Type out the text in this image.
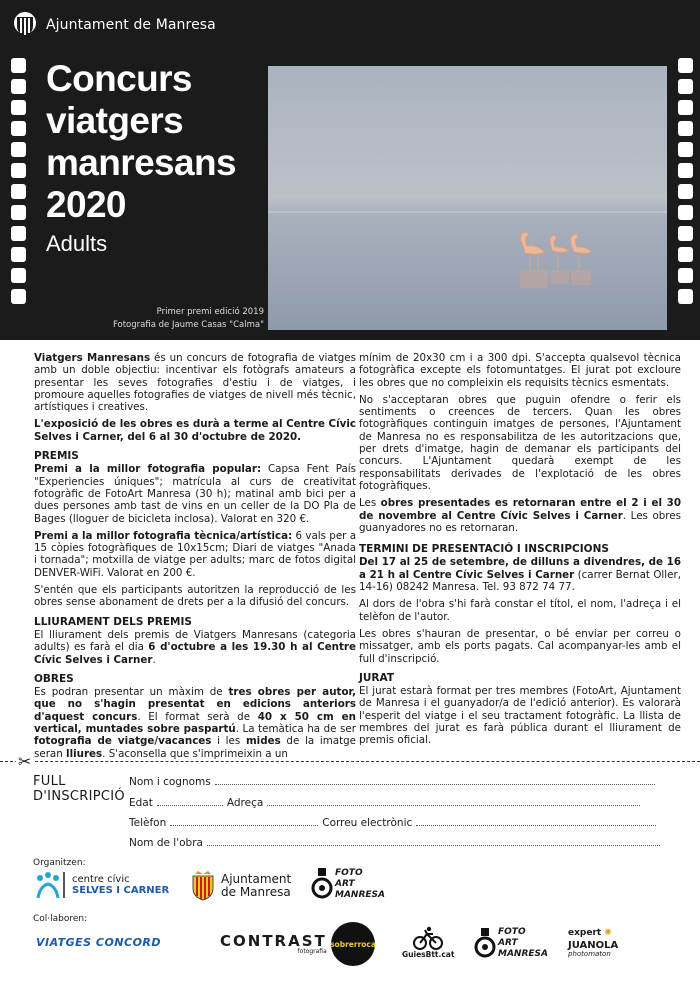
Ajuntament de Manresa
Concurs
viatgers
manresans
2020
Adults
Primer premi edició 2019
Fotografia de Jaume Casas "Calma"

Viatgers Manresans és un concurs de fotografia de viatges amb un doble objectiu: incentivar els fotògrafs amateurs a presentar les seves fotografies d'estiu i de viatges, i promoure aquelles fotografies de viatges de nivell més tècnic, artístiques i creatives.

L'exposició de les obres es durà a terme al Centre Cívic Selves i Carner, del 6 al 30 d'octubre de 2020.

PREMIS

Premi a la millor fotografia popular: Capsa Fent País "Experiencies úniques"; matrícula al curs de creativitat fotogràfic de FotoArt Manresa (30 h); matinal amb bici per a dues persones amb tast de vins en un celler de la DO Pla de Bages (lloguer de bicicleta inclosa). Valorat en 320 €.

Premi a la millor fotografia tècnica/artística: 6 vals per a 15 còpies fotogràfiques de 10x15cm; Diari de viatges "Anada i tornada"; motxilla de viatge per adults; marc de fotos digital DENVER-WiFi. Valorat en 200 €.

S'entén que els participants autoritzen la reproducció de les obres sense abonament de drets per a la difusió del concurs.

LLIURAMENT DELS PREMIS

El lliurament dels premis de Viatgers Manresans (categoria adults) es farà el dia 6 d'octubre a les 19.30 h al Centre Cívic Selves i Carner.

OBRES

Es podran presentar un màxim de tres obres per autor, que no s'hagin presentat en edicions anteriors d'aquest concurs. El format serà de 40 x 50 cm en vertical, muntades sobre paspartú. La temàtica ha de ser fotografia de viatge/vacances i les mides de la imatge seran lliures. S'aconsella que s'imprimeixin a un

mínim de 20x30 cm i a 300 dpi. S'accepta qualsevol tècnica fotogràfica excepte els fotomuntatges. El jurat pot excloure les obres que no compleixin els requisits tècnics esmentats.

No s'acceptaran obres que puguin ofendre o ferir els sentiments o creences de tercers. Quan les obres fotogràfiques continguin imatges de persones, l'Ajuntament de Manresa no es responsabilitza de les autoritzacions que, per drets d'imatge, hagin de demanar els participants del concurs. L'Ajuntament quedarà exempt de les responsabilitats derivades de l'explotació de les obres fotogràfiques.

Les obres presentades es retornaran entre el 2 i el 30 de novembre al Centre Cívic Selves i Carner. Les obres guanyadores no es retornaran.

TERMINI DE PRESENTACIÓ I INSCRIPCIONS

Del 17 al 25 de setembre, de dilluns a divendres, de 16 a 21 h al Centre Cívic Selves i Carner (carrer Bernat Oller, 14-16) 08242 Manresa. Tel. 93 872 74 77.

Al dors de l'obra s'hi farà constar el títol, el nom, l'adreça i el telèfon de l'autor.

Les obres s'hauran de presentar, o bé enviar per correu o missatger, amb els ports pagats. Cal acompanyar-les amb el full d'inscripció.

JURAT

El jurat estarà format per tres membres (FotoArt, Ajuntament de Manresa i el guanyador/a de l'edició anterior). Es valorarà l'esperit del viatge i el seu tractament fotogràfic. La llista de membres del jurat es farà pública durant el lliurament de premis oficial.

✂
FULL
D'INSCRIPCIÓ
Nom i cognoms
Edat	Adreça
Telèfon	Correu electrònic
Nom de l'obra
Organitzen:
centre cívic
SELVES I CARNER
Ajuntament
de Manresa
FOTO
ART
MANRESA
Col·laboren:
VIATGES CONCORD	CONTRAST
fotografia
sobrerroca
GuiesBtt.cat
FOTO
ART
MANRESA
expert ✺
JUANOLA
photomaton
